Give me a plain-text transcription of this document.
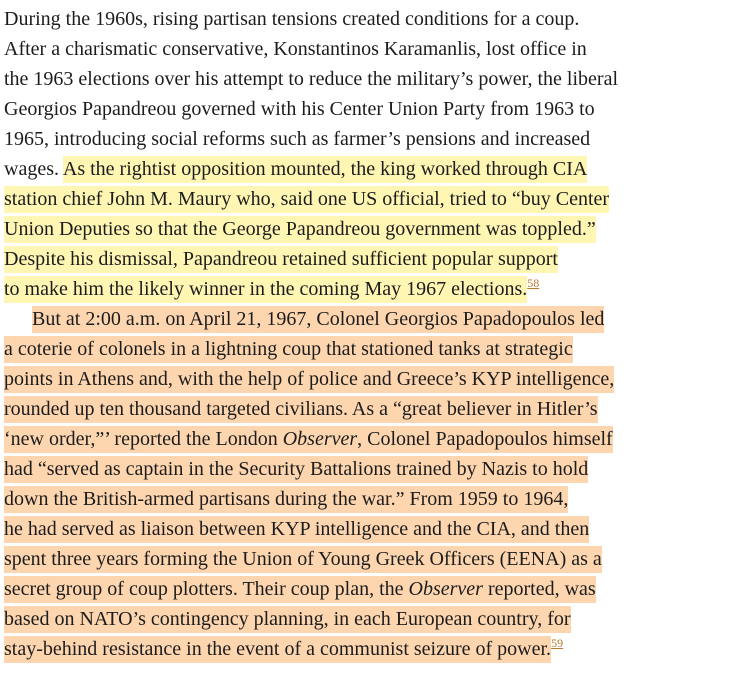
During the 1960s, rising partisan tensions created conditions for a coup.
After a charismatic conservative, Konstantinos Karamanlis, lost office in
the 1963 elections over his attempt to reduce the military’s power, the liberal
Georgios Papandreou governed with his Center Union Party from 1963 to
1965, introducing social reforms such as farmer’s pensions and increased
wages. As the rightist opposition mounted, the king worked through CIA
station chief John M. Maury who, said one US official, tried to “buy Center
Union Deputies so that the George Papandreou government was toppled.”
Despite his dismissal, Papandreou retained sufficient popular support
to make him the likely winner in the coming May 1967 elections.$^{58}$
But at 2:00 a.m. on April 21, 1967, Colonel Georgios Papadopoulos led
a coterie of colonels in a lightning coup that stationed tanks at strategic
points in Athens and, with the help of police and Greece’s KYP intelligence,
rounded up ten thousand targeted civilians. As a “great believer in Hitler’s
‘new order,”’ reported the London Observer, Colonel Papadopoulos himself
had “served as captain in the Security Battalions trained by Nazis to hold
down the British-armed partisans during the war.” From 1959 to 1964,
he had served as liaison between KYP intelligence and the CIA, and then
spent three years forming the Union of Young Greek Officers (EENA) as a
secret group of coup plotters. Their coup plan, the Observer reported, was
based on NATO’s contingency planning, in each European country, for
stay-behind resistance in the event of a communist seizure of power.$^{59}$
